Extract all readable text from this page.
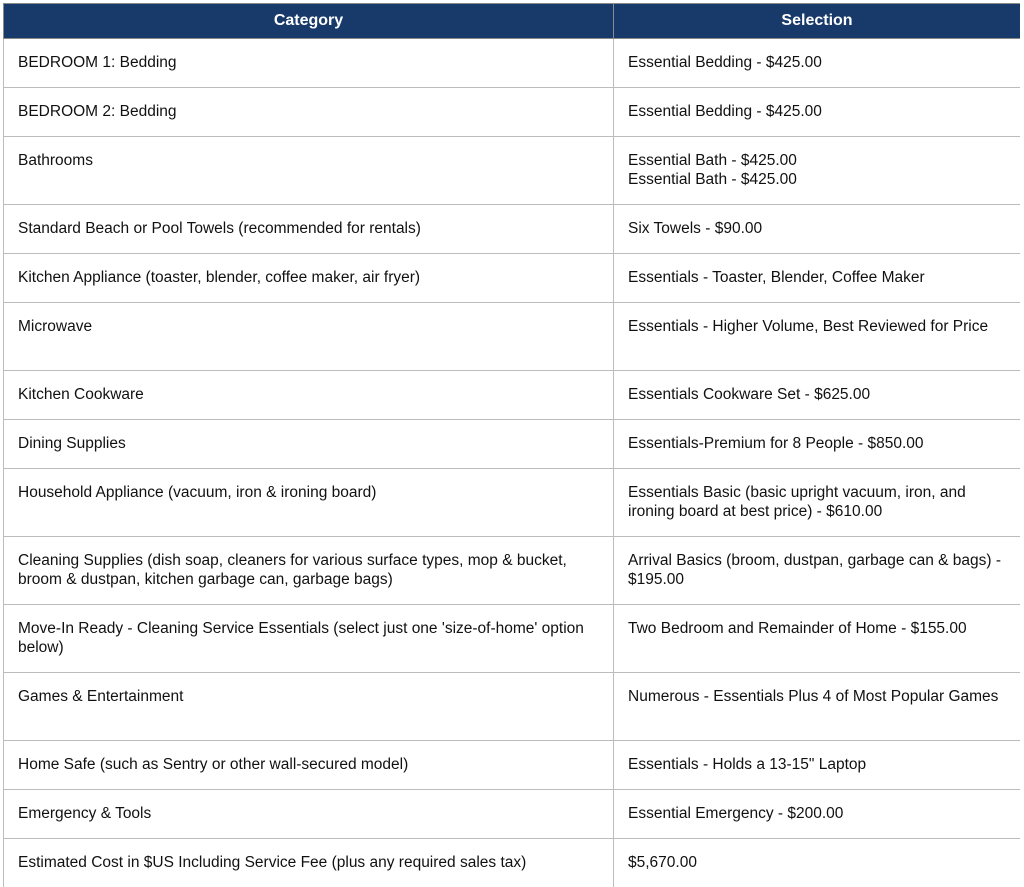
Category	Selection
BEDROOM 1: Bedding	Essential Bedding - $425.00

BEDROOM 2: Bedding	Essential Bedding - $425.00

Bathrooms	Essential Bath - $425.00
Essential Bath - $425.00

Standard Beach or Pool Towels (recommended for rentals)	Six Towels - $90.00

Kitchen Appliance (toaster, blender, coffee maker, air fryer)	Essentials - Toaster, Blender, Coffee Maker

Microwave	Essentials - Higher Volume, Best Reviewed for Price

Kitchen Cookware	Essentials Cookware Set - $625.00

Dining Supplies	Essentials-Premium for 8 People - $850.00

Household Appliance (vacuum, iron & ironing board)	Essentials Basic (basic upright vacuum, iron, and ironing board at best price) - $610.00

Cleaning Supplies (dish soap, cleaners for various surface types, mop & bucket, broom & dustpan, kitchen garbage can, garbage bags)	Arrival Basics (broom, dustpan, garbage can & bags) - $195.00

Move-In Ready - Cleaning Service Essentials (select just one 'size-of-home' option below)	Two Bedroom and Remainder of Home - $155.00

Games & Entertainment	Numerous - Essentials Plus 4 of Most Popular Games

Home Safe (such as Sentry or other wall-secured model)	Essentials - Holds a 13-15" Laptop

Emergency & Tools	Essential Emergency - $200.00

Estimated Cost in $US Including Service Fee (plus any required sales tax)	$5,670.00
